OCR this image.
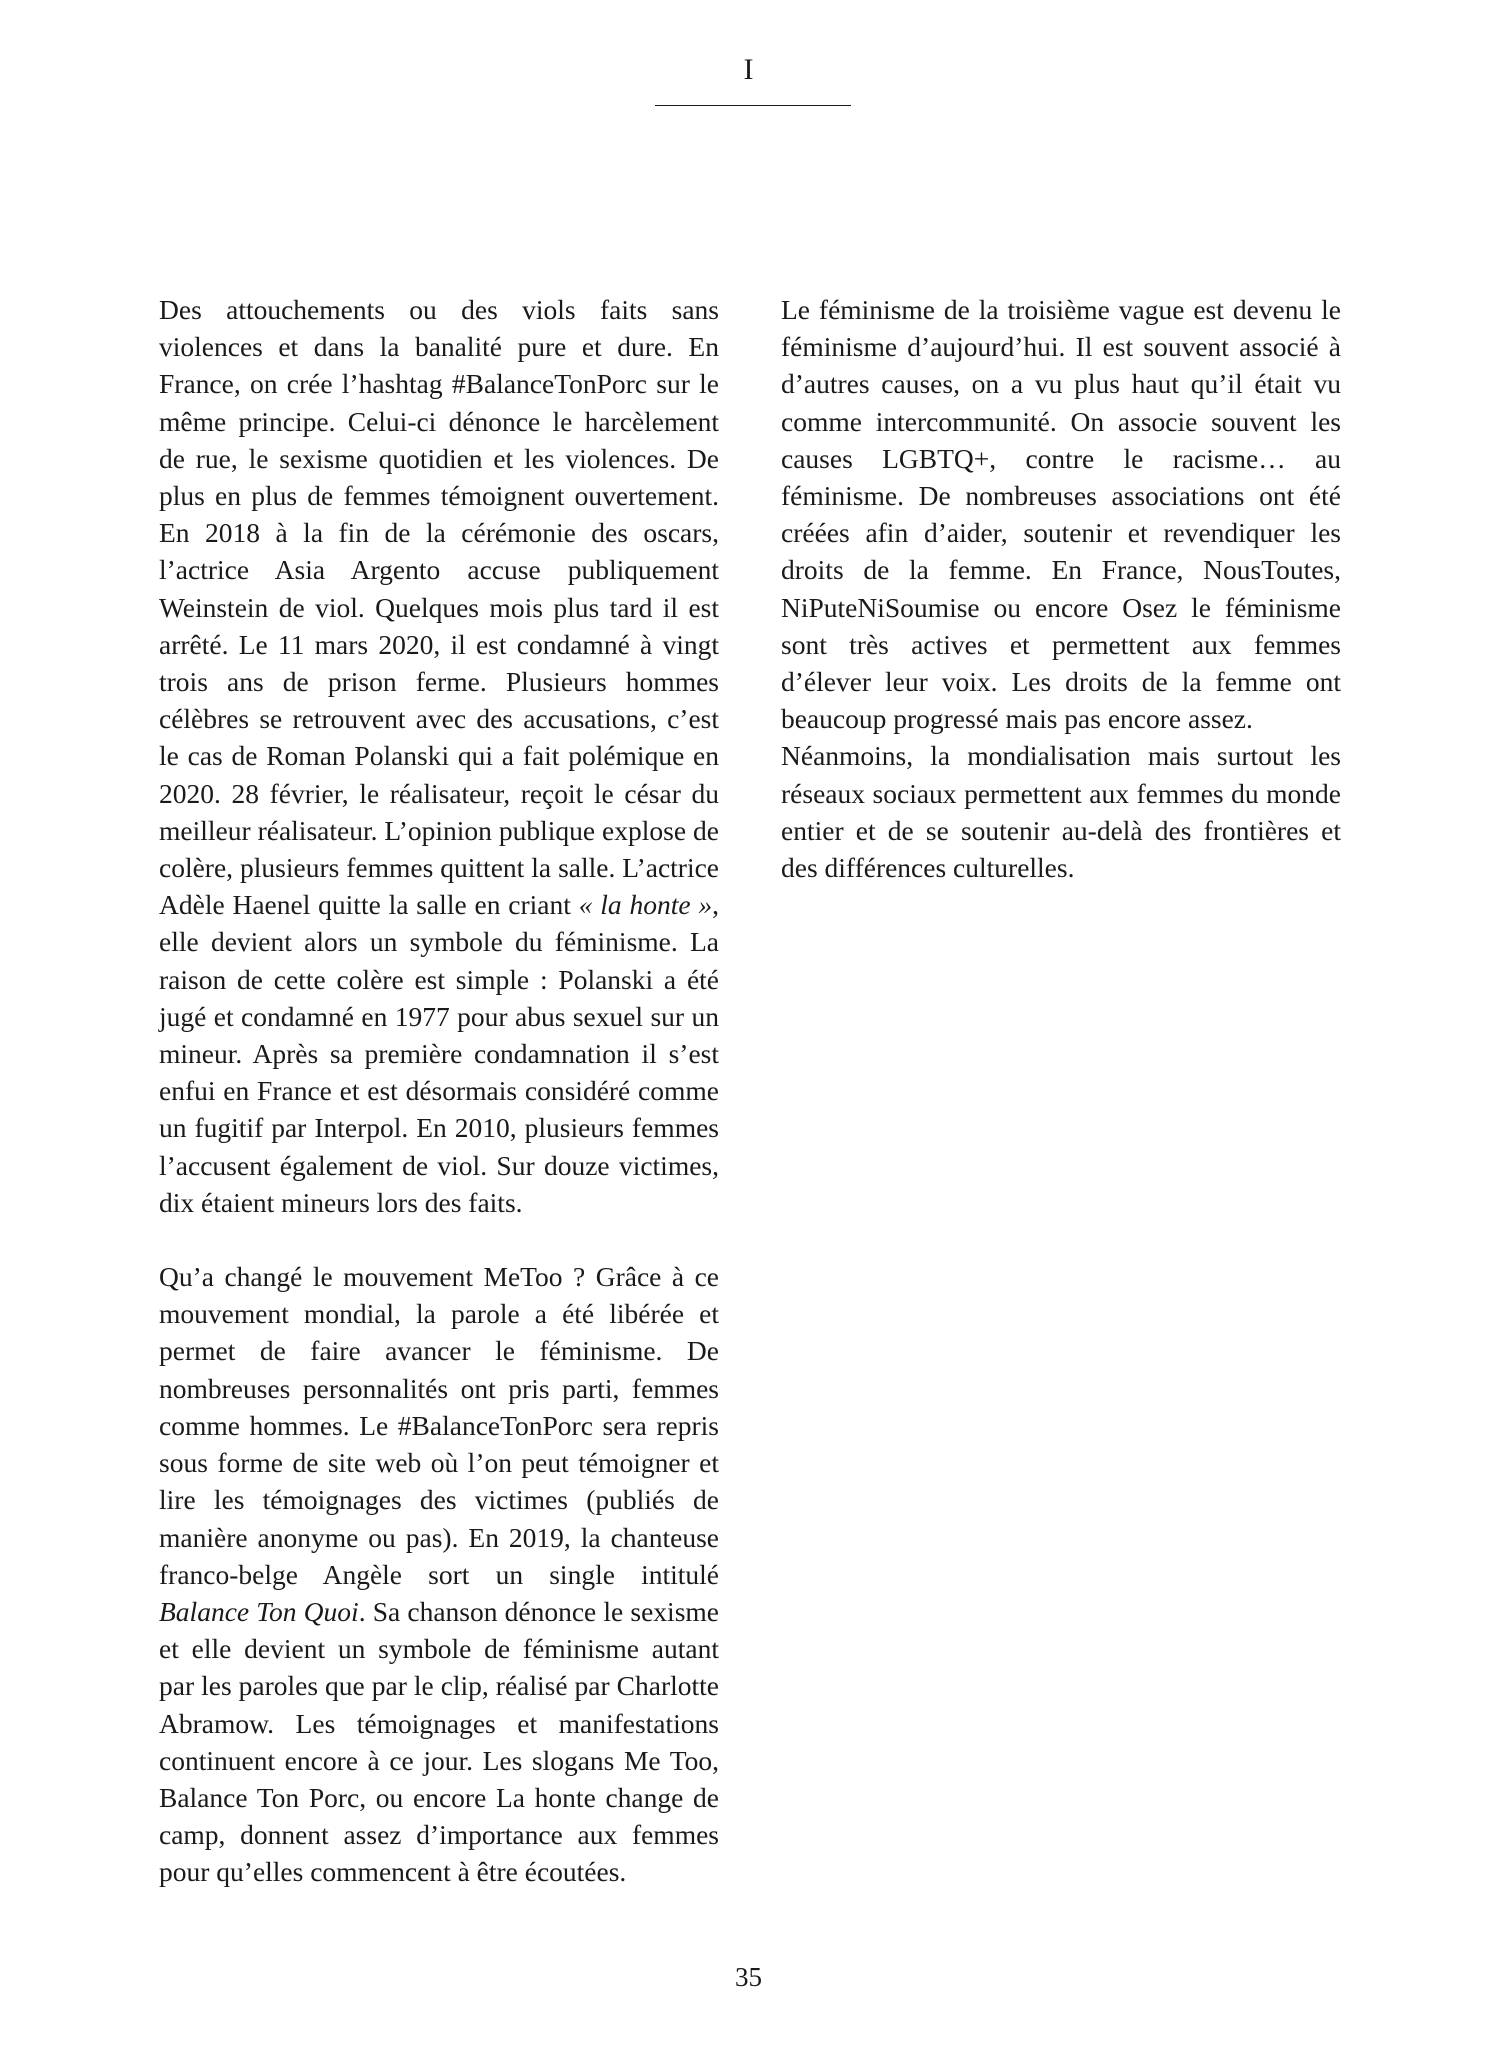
I

Des attouchements ou des viols faits sans violences et dans la banalité pure et dure. En France, on crée l’hashtag #BalanceTonPorc sur le même principe. Celui-ci dénonce le harcèlement de rue, le sexisme quotidien et les violences. De plus en plus de femmes témoignent ouvertement. En 2018 à la fin de la cérémonie des oscars, l’actrice Asia Argento accuse publiquement Weinstein de viol. Quelques mois plus tard il est arrêté. Le 11 mars 2020, il est condamné à vingt trois ans de prison ferme. Plusieurs hommes célèbres se retrouvent avec des accusations, c’est le cas de Roman Polanski qui a fait polémique en 2020. 28 février, le réalisateur, reçoit le césar du meilleur réalisateur. L’opinion publique explose de colère, plusieurs femmes quittent la salle. L’actrice Adèle Haenel quitte la salle en criant « la honte », elle devient alors un symbole du féminisme. La raison de cette colère est simple : Polanski a été jugé et condamné en 1977 pour abus sexuel sur un mineur. Après sa première condamnation il s’est enfui en France et est désormais considéré comme un fugitif par Interpol. En 2010, plusieurs femmes l’accusent également de viol. Sur douze victimes, dix étaient mineurs lors des faits.

Qu’a changé le mouvement MeToo ? Grâce à ce mouvement mondial, la parole a été libérée et permet de faire avancer le féminisme. De nombreuses personnalités ont pris parti, femmes comme hommes. Le #BalanceTonPorc sera repris sous forme de site web où l’on peut témoigner et lire les témoignages des victimes (publiés de manière anonyme ou pas). En 2019, la chanteuse franco-belge Angèle sort un single intitulé Balance Ton Quoi. Sa chanson dénonce le sexisme et elle devient un symbole de féminisme autant par les paroles que par le clip, réalisé par Charlotte Abramow. Les témoignages et manifestations continuent encore à ce jour. Les slogans Me Too, Balance Ton Porc, ou encore La honte change de camp, donnent assez d’importance aux femmes pour qu’elles commencent à être écoutées.

Le féminisme de la troisième vague est devenu le féminisme d’aujourd’hui. Il est souvent associé à d’autres causes, on a vu plus haut qu’il était vu comme intercommunité. On associe souvent les causes LGBTQ+, contre le racisme… au féminisme. De nombreuses associations ont été créées afin d’aider, soutenir et revendiquer les droits de la femme. En France, NousToutes, NiPuteNiSoumise ou encore Osez le féminisme sont très actives et permettent aux femmes d’élever leur voix. Les droits de la femme ont beaucoup progressé mais pas encore assez.

Néanmoins, la mondialisation mais surtout les réseaux sociaux permettent aux femmes du monde entier et de se soutenir au-delà des frontières et des différences culturelles.

35
